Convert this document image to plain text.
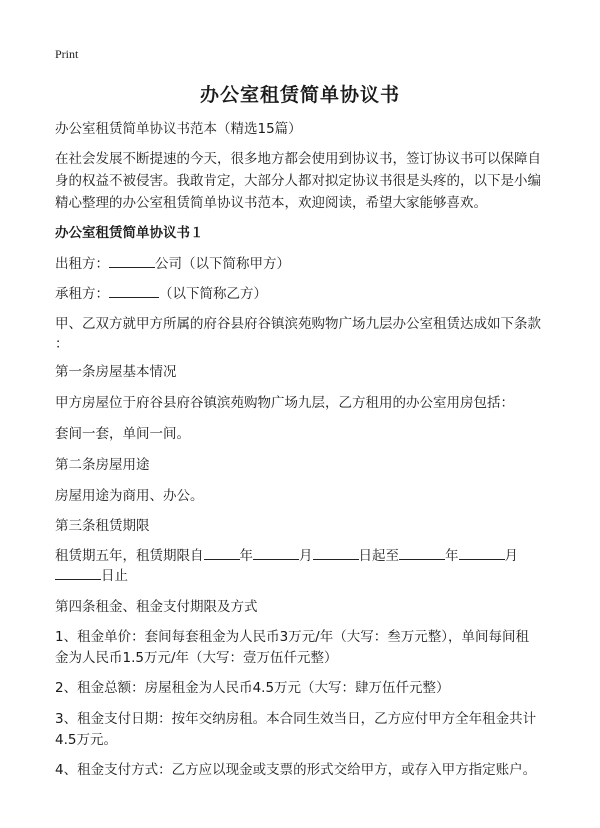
Print
办公室租赁简单协议书
办公室租赁简单协议书范本（精选15篇）
在社会发展不断提速的今天，很多地方都会使用到协议书，签订协议书可以保障自
身的权益不被侵害。我敢肯定，大部分人都对拟定协议书很是头疼的，以下是小编
精心整理的办公室租赁简单协议书范本，欢迎阅读，希望大家能够喜欢。
办公室租赁简单协议书１
出租方：	公司（以下简称甲方）
承租方：	（以下简称乙方）
甲、乙双方就甲方所属的府谷县府谷镇滨苑购物广场九层办公室租赁达成如下条款
：
第一条房屋基本情况
甲方房屋位于府谷县府谷镇滨苑购物广场九层，乙方租用的办公室用房包括：
套间一套，单间一间。
第二条房屋用途
房屋用途为商用、办公。
第三条租赁期限
租赁期五年，租赁期限自	年	月	日起至	年	月
日止
第四条租金、租金支付期限及方式
1、租金单价：套间每套租金为人民币3万元/年（大写：叁万元整），单间每间租
金为人民币1.5万元/年（大写：壹万伍仟元整）
2、租金总额：房屋租金为人民币4.5万元（大写：肆万伍仟元整）
3、租金支付日期：按年交纳房租。本合同生效当日，乙方应付甲方全年租金共计
4.5万元。
4、租金支付方式：乙方应以现金或支票的形式交给甲方，或存入甲方指定账户。
